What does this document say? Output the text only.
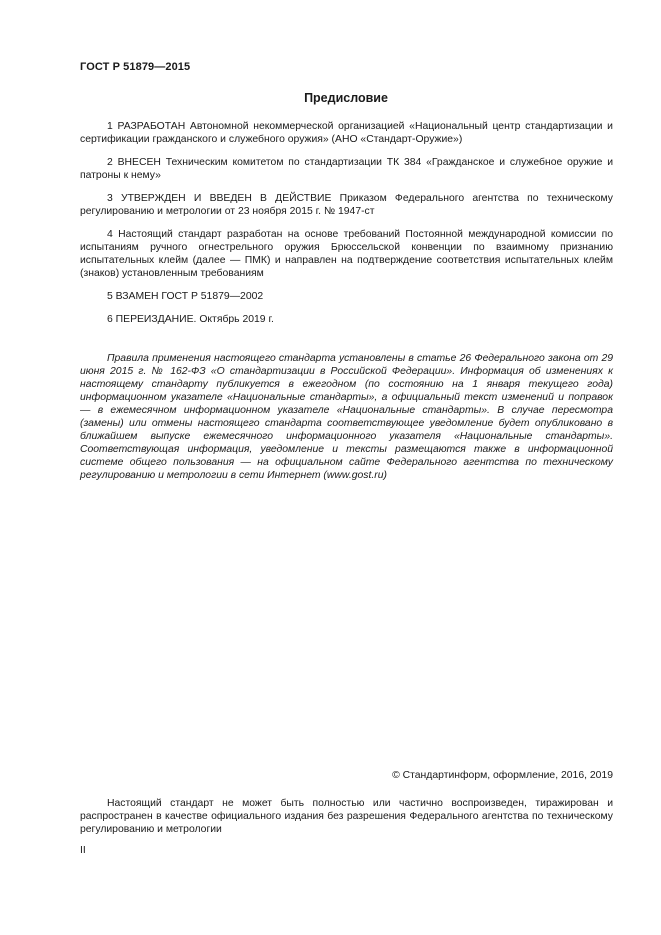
ГОСТ Р 51879—2015
Предисловие

1 РАЗРАБОТАН Автономной некоммерческой организацией «Национальный центр стандартизации и сертификации гражданского и служебного оружия» (АНО «Стандарт-Оружие»)

2 ВНЕСЕН Техническим комитетом по стандартизации ТК 384 «Гражданское и служебное оружие и патроны к нему»

3 УТВЕРЖДЕН И ВВЕДЕН В ДЕЙСТВИЕ Приказом Федерального агентства по техническому регулированию и метрологии от 23 ноября 2015 г. № 1947-ст

4 Настоящий стандарт разработан на основе требований Постоянной международной комиссии по испытаниям ручного огнестрельного оружия Брюссельской конвенции по взаимному признанию испытательных клейм (далее — ПМК) и направлен на подтверждение соответствия испытательных клейм (знаков) установленным требованиям

5 ВЗАМЕН ГОСТ Р 51879—2002

6 ПЕРЕИЗДАНИЕ. Октябрь 2019 г.

Правила применения настоящего стандарта установлены в статье 26 Федерального закона от 29 июня 2015 г. № 162-ФЗ «О стандартизации в Российской Федерации». Информация об изменениях к настоящему стандарту публикуется в ежегодном (по состоянию на 1 января текущего года) информационном указателе «Национальные стандарты», а официальный текст изменений и поправок — в ежемесячном информационном указателе «Национальные стандарты». В случае пересмотра (замены) или отмены настоящего стандарта соответствующее уведомление будет опубликовано в ближайшем выпуске ежемесячного информационного указателя «Национальные стандарты». Соответствующая информация, уведомление и тексты размещаются также в информационной системе общего пользования — на официальном сайте Федерального агентства по техническому регулированию и метрологии в сети Интернет (www.gost.ru)

© Стандартинформ, оформление, 2016, 2019

Настоящий стандарт не может быть полностью или частично воспроизведен, тиражирован и распространен в качестве официального издания без разрешения Федерального агентства по техническому регулированию и метрологии

II
